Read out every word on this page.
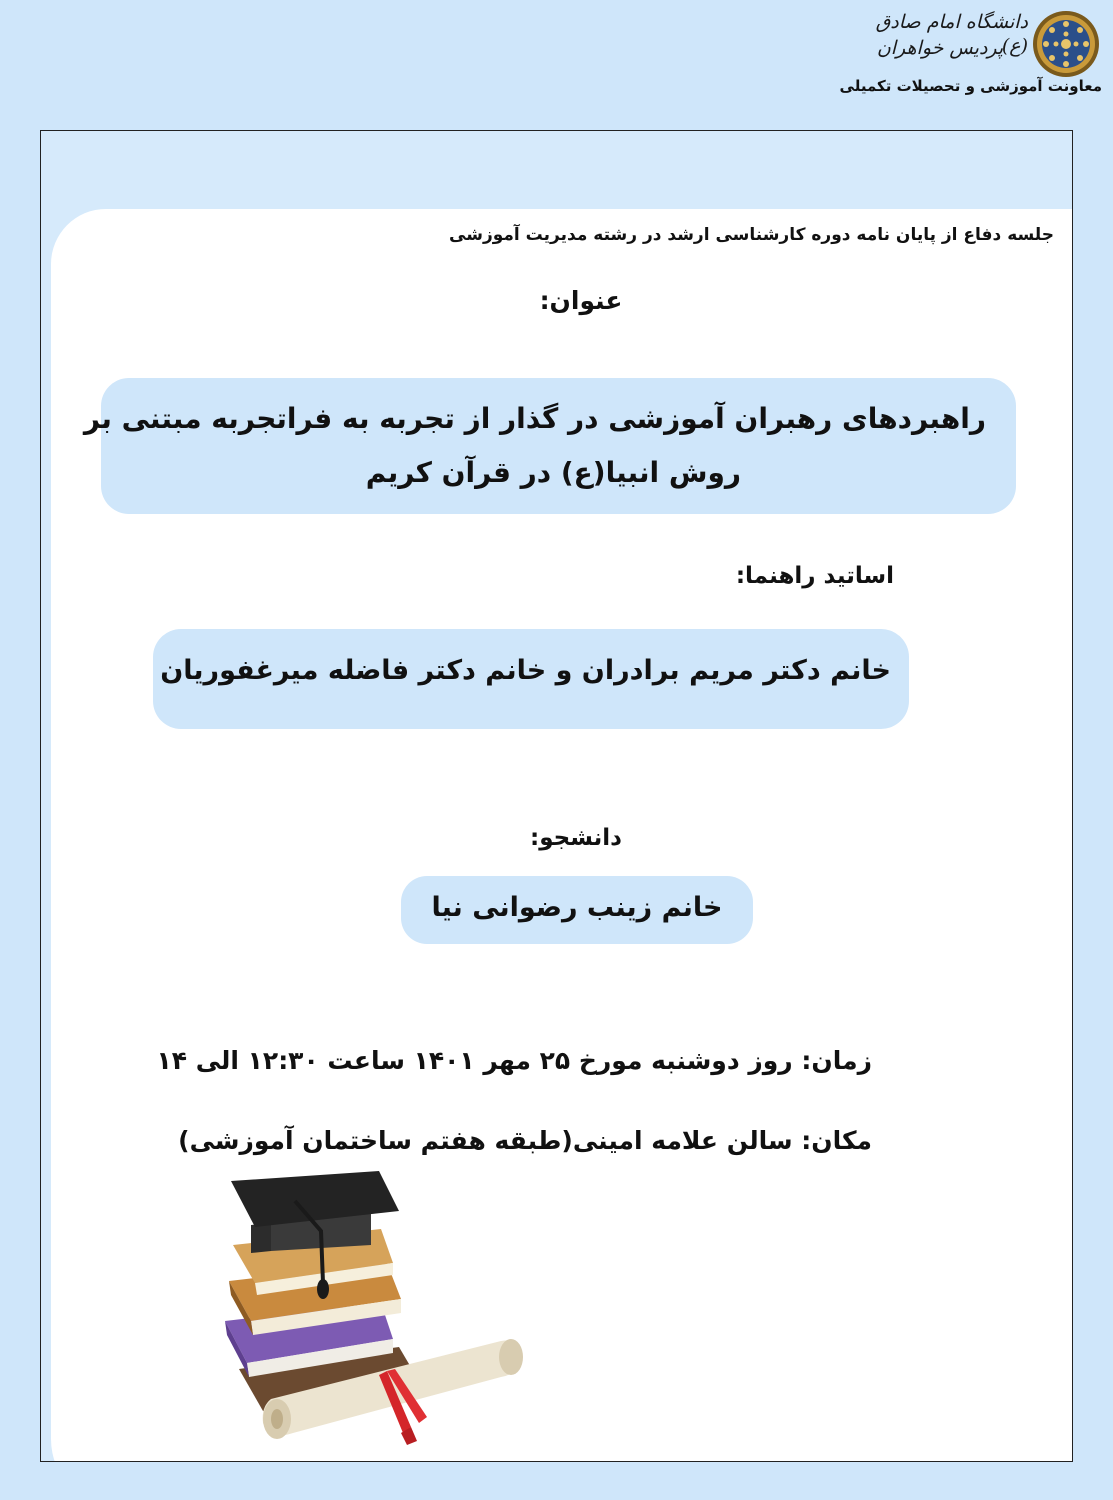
دانشگاه امام صادق (ع)
پردیس خواهران
معاونت آموزشی و تحصیلات تکمیلی
جلسه دفاع از پایان نامه دوره کارشناسی ارشد در رشته مدیریت آموزشی
عنوان:
راهبردهای رهبران آموزشی در گذار از تجربه به فراتجربه مبتنی بر
روش انبیا(ع) در قرآن کریم
اساتید راهنما:
خانم دکتر مریم برادران و خانم دکتر فاضله میرغفوریان
دانشجو:
خانم زینب رضوانی نیا
زمان: روز دوشنبه مورخ ۲۵ مهر ۱۴۰۱ ساعت ۱۲:۳۰ الی ۱۴
مکان: سالن علامه امینی(طبقه هفتم ساختمان آموزشی)
